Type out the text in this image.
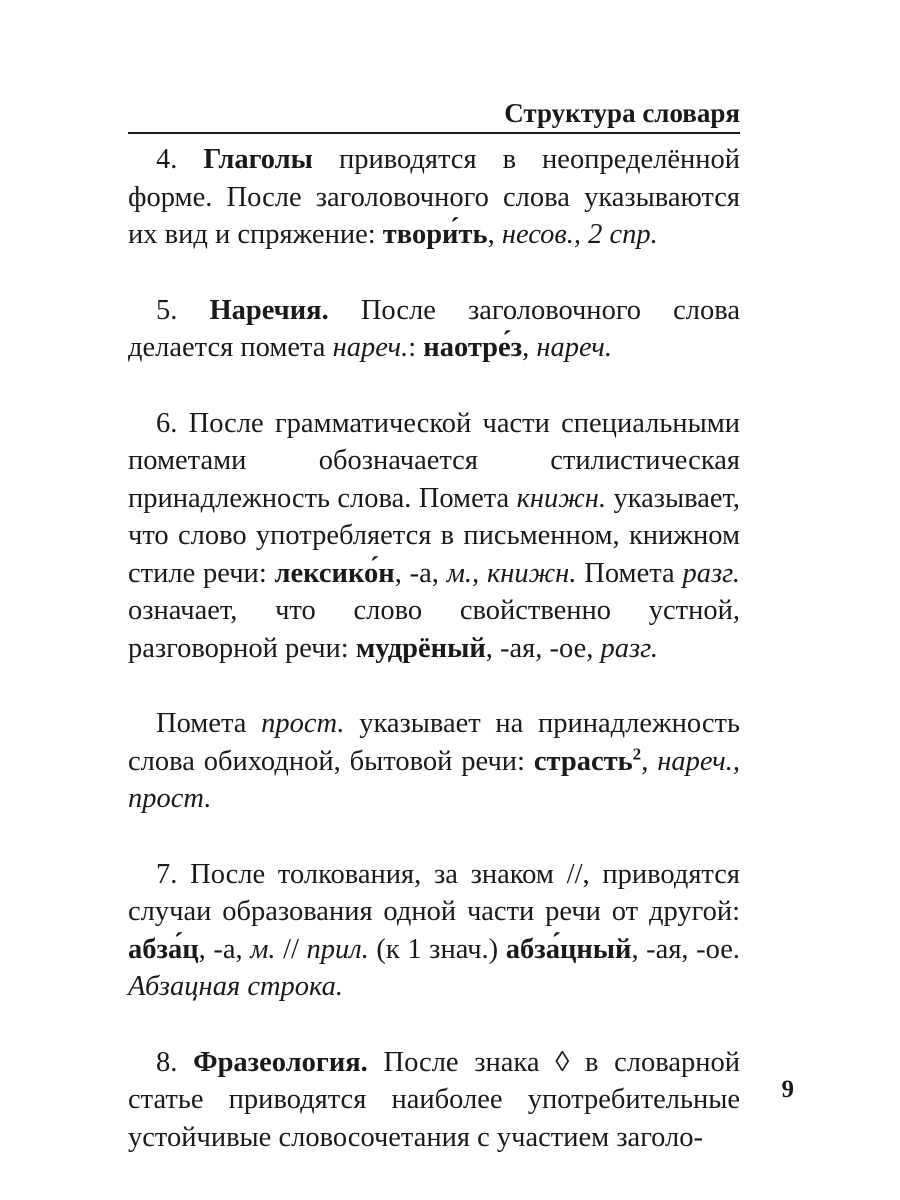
Структура словаря

4. Глаголы приводятся в неопределённой форме. После заголовочного слова указываются их вид и спряжение: твори́ть, несов., 2 спр.

5. Наречия. После заголовочного слова делается помета нареч.: наотре́з, нареч.

6. После грамматической части специальными пометами обозначается стилистическая принадлежность слова. Помета книжн. указывает, что слово употребляется в письменном, книжном стиле речи: лексико́н, -а, м., книжн. Помета разг. означает, что слово свойственно устной, разговорной речи: мудрёный, -ая, -ое, разг.

Помета прост. указывает на принадлежность слова обиходной, бытовой речи: страсть$^2$, нареч., прост.

7. После толкования, за знаком //, приводятся случаи образования одной части речи от другой: абза́ц, -а, м. // прил. (к 1 знач.) абза́цный, -ая, -ое. Абзацная строка.

8. Фразеология. После знака ◊ в словарной статье приводятся наиболее употребительные устойчивые словосочетания с участием заголо-

9
